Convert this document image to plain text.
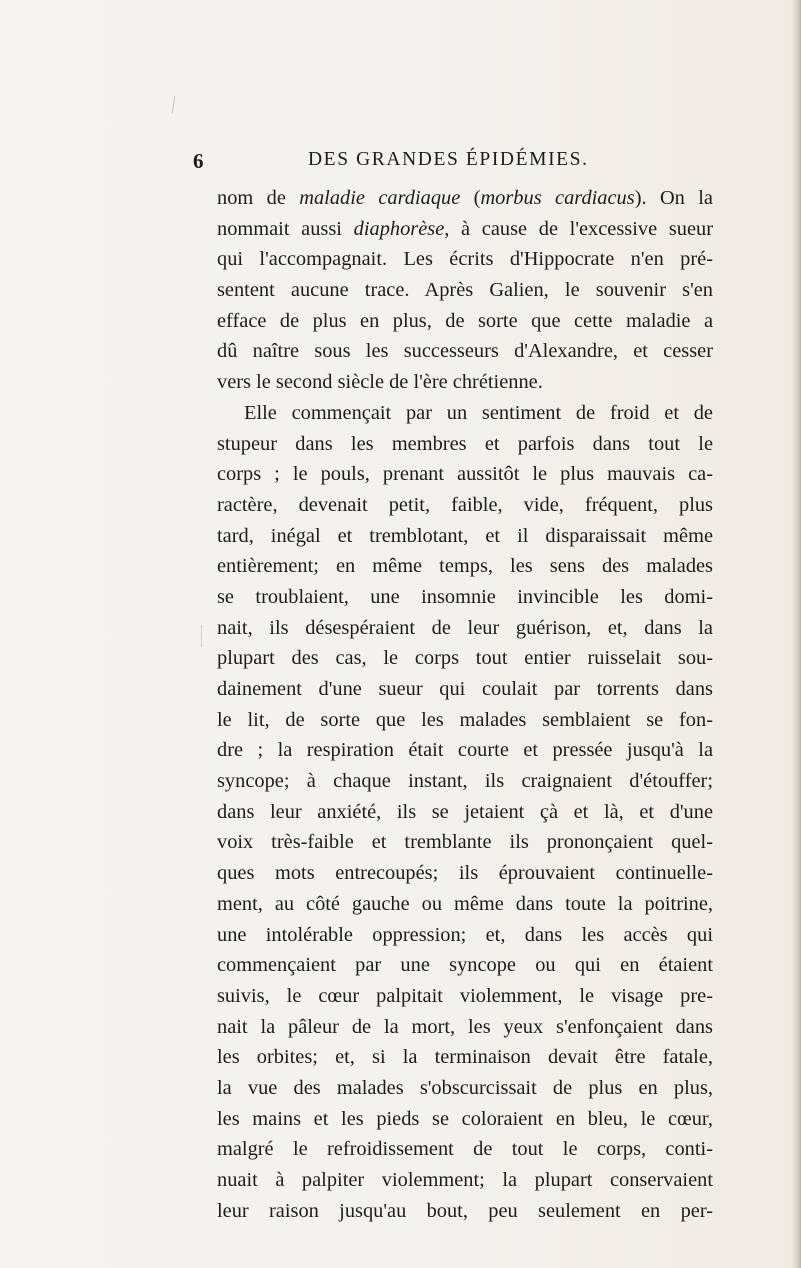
6	DES GRANDES ÉPIDÉMIES.
nom de maladie cardiaque (morbus cardiacus). On la
nommait aussi diaphorèse, à cause de l'excessive sueur
qui l'accompagnait. Les écrits d'Hippocrate n'en pré-
sentent aucune trace. Après Galien, le souvenir s'en
efface de plus en plus, de sorte que cette maladie a
dû naître sous les successeurs d'Alexandre, et cesser
vers le second siècle de l'ère chrétienne.
Elle commençait par un sentiment de froid et de
stupeur dans les membres et parfois dans tout le
corps ; le pouls, prenant aussitôt le plus mauvais ca-
ractère, devenait petit, faible, vide, fréquent, plus
tard, inégal et tremblotant, et il disparaissait même
entièrement; en même temps, les sens des malades
se troublaient, une insomnie invincible les domi-
nait, ils désespéraient de leur guérison, et, dans la
plupart des cas, le corps tout entier ruisselait sou-
dainement d'une sueur qui coulait par torrents dans
le lit, de sorte que les malades semblaient se fon-
dre ; la respiration était courte et pressée jusqu'à la
syncope; à chaque instant, ils craignaient d'étouffer;
dans leur anxiété, ils se jetaient çà et là, et d'une
voix très-faible et tremblante ils prononçaient quel-
ques mots entrecoupés; ils éprouvaient continuelle-
ment, au côté gauche ou même dans toute la poitrine,
une intolérable oppression; et, dans les accès qui
commençaient par une syncope ou qui en étaient
suivis, le cœur palpitait violemment, le visage pre-
nait la pâleur de la mort, les yeux s'enfonçaient dans
les orbites; et, si la terminaison devait être fatale,
la vue des malades s'obscurcissait de plus en plus,
les mains et les pieds se coloraient en bleu, le cœur,
malgré le refroidissement de tout le corps, conti-
nuait à palpiter violemment; la plupart conservaient
leur raison jusqu'au bout, peu seulement en per-
